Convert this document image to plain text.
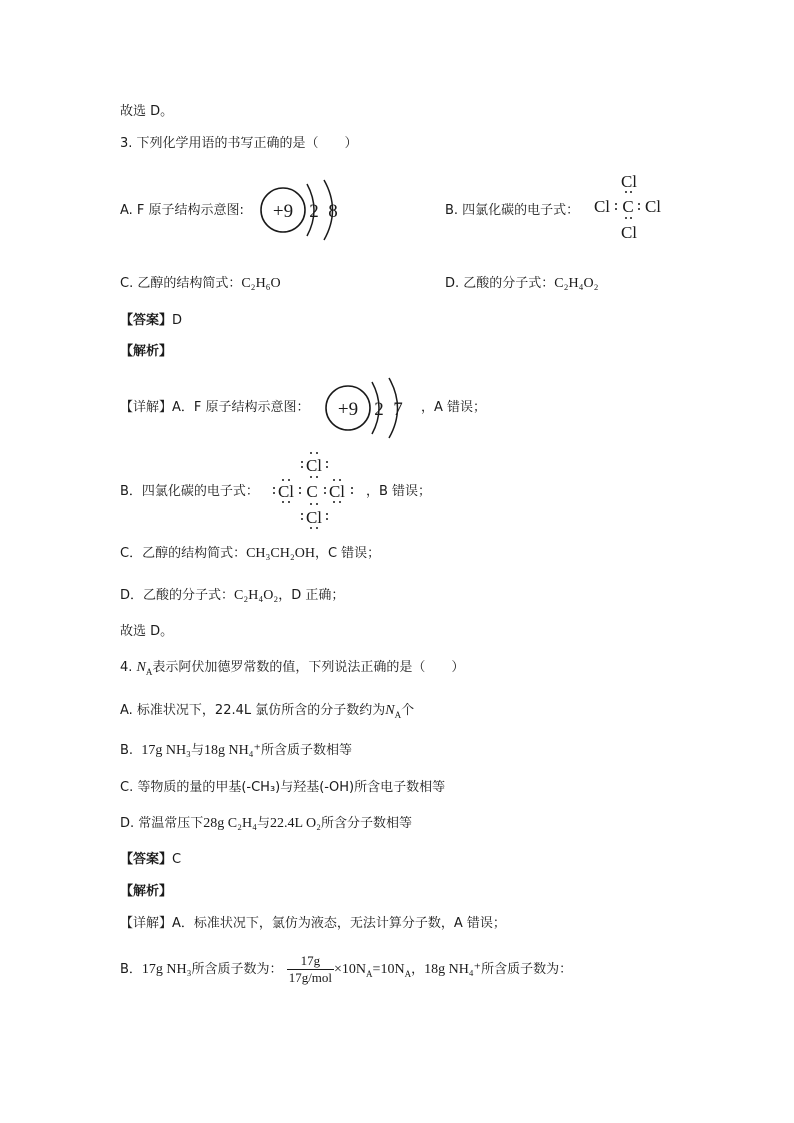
故选 D。
3. 下列化学用语的书写正确的是（　　）
A. F 原子结构示意图: +9 2 8	B. 四氯化碳的电子式：
Cl
Cl C Cl
Cl
C. 乙醇的结构简式：C₂H₆O	D. 乙酸的分子式：C₂H₄O₂
【答案】D
【解析】
【详解】A．F 原子结构示意图： +9 2 7 ，A 错误；
B．四氯化碳的电子式：
Cl
Cl C Cl
Cl
，B 错误；
C．乙醇的结构简式：CH₃CH₂OH，C 错误；
D．乙酸的分子式：C₂H₄O₂，D 正确；
故选 D。
4. $N_A$表示阿伏加德罗常数的值，下列说法正确的是（　　）
A. 标准状况下，22.4L 氯仿所含的分子数约为$N_A$个
B. 17g NH₃与18g NH₄⁺所含质子数相等
C. 等物质的量的甲基(-CH₃)与羟基(-OH)所含电子数相等
D. 常温常压下28g C₂H₄与22.4L O₂所含分子数相等
【答案】C
【解析】
【详解】A．标准状况下，氯仿为液态，无法计算分子数，A 错误；
B．17g NH₃所含质子数为： $\frac{17g}{\text{17g/mol}} \times 10N_A=10N_A$，18g NH₄⁺所含质子数为：
